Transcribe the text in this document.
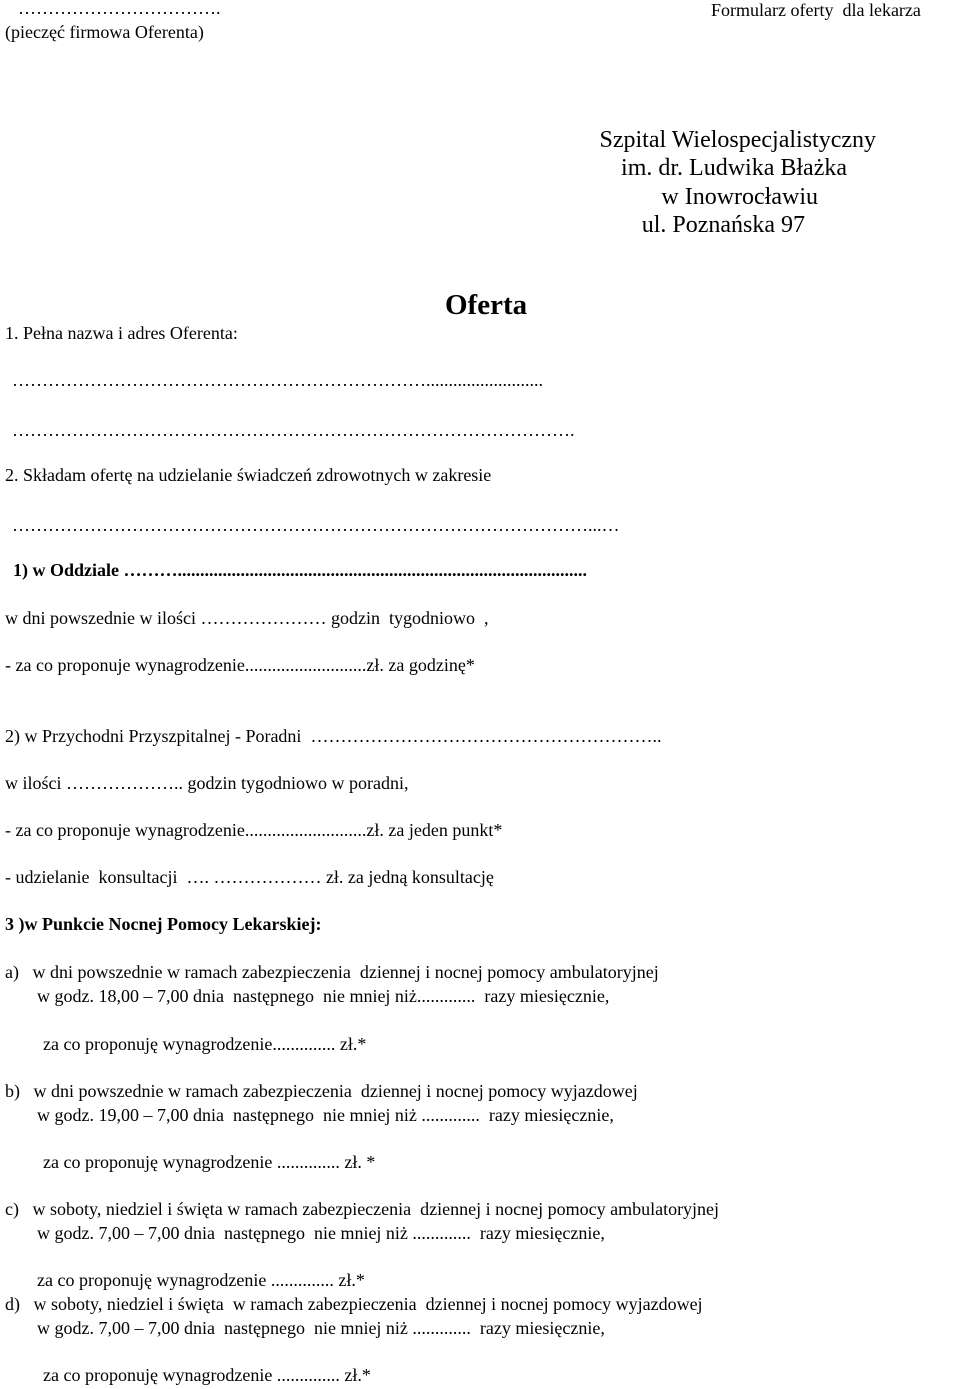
…………………………….
(pieczęć firmowa Oferenta)
Formularz oferty  dla lekarza
Szpital Wielospecjalistyczny
im. dr. Ludwika Błażka
w Inowrocławiu
ul. Poznańska 97
Oferta
1. Pełna nazwa i adres Oferenta:
……………………………………………………………..........................
………………………………………………………………………………….
2. Składam ofertę na udzielanie świadczeń zdrowotnych w zakresie
……………………………………………………………………………………...…
1) w Oddziale ………...........................................................................................
w dni powszednie w ilości ………………… godzin  tygodniowo  ,
- za co proponuje wynagrodzenie...........................zł. za godzinę*
2) w Przychodni Przyszpitalnej - Poradni  …………………………………………………..
w ilości ……………….. godzin tygodniowo w poradni,
- za co proponuje wynagrodzenie...........................zł. za jeden punkt*
- udzielanie  konsultacji  …. ……………… zł. za jedną konsultację
3 )w Punkcie Nocnej Pomocy Lekarskiej:
a)   w dni powszednie w ramach zabezpieczenia  dziennej i nocnej pomocy ambulatoryjnej
w godz. 18,00 – 7,00 dnia  następnego  nie mniej niż.............  razy miesięcznie,
za co proponuję wynagrodzenie.............. zł.*
b)   w dni powszednie w ramach zabezpieczenia  dziennej i nocnej pomocy wyjazdowej
w godz. 19,00 – 7,00 dnia  następnego  nie mniej niż .............  razy miesięcznie,
za co proponuję wynagrodzenie .............. zł. *
c)   w soboty, niedziel i święta w ramach zabezpieczenia  dziennej i nocnej pomocy ambulatoryjnej
w godz. 7,00 – 7,00 dnia  następnego  nie mniej niż .............  razy miesięcznie,
za co proponuję wynagrodzenie .............. zł.*
d)   w soboty, niedziel i święta  w ramach zabezpieczenia  dziennej i nocnej pomocy wyjazdowej
w godz. 7,00 – 7,00 dnia  następnego  nie mniej niż .............  razy miesięcznie,
za co proponuję wynagrodzenie .............. zł.*
